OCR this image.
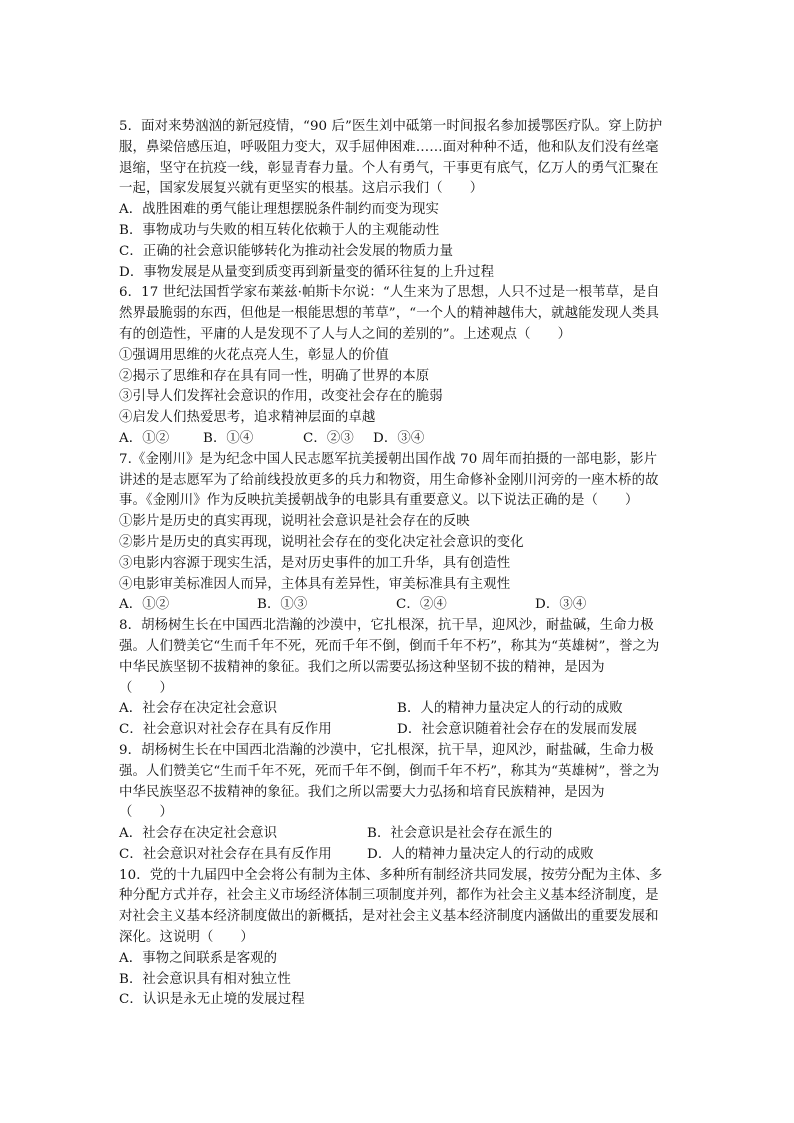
5．面对来势汹汹的新冠疫情，“90 后”医生刘中砥第一时间报名参加援鄂医疗队。穿上防护

服，鼻梁倍感压迫，呼吸阻力变大，双手屈伸困难……面对种种不适，他和队友们没有丝毫

退缩，坚守在抗疫一线，彰显青春力量。个人有勇气，干事更有底气，亿万人的勇气汇聚在

一起，国家发展复兴就有更坚实的根基。这启示我们（　　）

A．战胜困难的勇气能让理想摆脱条件制约而变为现实

B．事物成功与失败的相互转化依赖于人的主观能动性

C．正确的社会意识能够转化为推动社会发展的物质力量

D．事物发展是从量变到质变再到新量变的循环往复的上升过程

6．17 世纪法国哲学家布莱兹·帕斯卡尔说：“人生来为了思想，人只不过是一根苇草，是自

然界最脆弱的东西，但他是一根能思想的苇草”，“一个人的精神越伟大，就越能发现人类具

有的创造性，平庸的人是发现不了人与人之间的差别的”。上述观点（　　）

①强调用思维的火花点亮人生，彰显人的价值

②揭示了思维和存在具有同一性，明确了世界的本原

③引导人们发挥社会意识的作用，改变社会存在的脆弱

④启发人们热爱思考，追求精神层面的卓越

A．①②	B．①④	C．②③	D．③④

7.《金刚川》是为纪念中国人民志愿军抗美援朝出国作战 70 周年而拍摄的一部电影，影片

讲述的是志愿军为了给前线投放更多的兵力和物资，用生命修补金刚川河旁的一座木桥的故

事。《金刚川》作为反映抗美援朝战争的电影具有重要意义。以下说法正确的是（　　）

①影片是历史的真实再现，说明社会意识是社会存在的反映

②影片是历史的真实再现，说明社会存在的变化决定社会意识的变化

③电影内容源于现实生活，是对历史事件的加工升华，具有创造性

④电影审美标准因人而异，主体具有差异性，审美标准具有主观性

A．①②	B．①③	C．②④	D．③④

8．胡杨树生长在中国西北浩瀚的沙漠中，它扎根深，抗干旱，迎风沙，耐盐碱，生命力极

强。人们赞美它“生而千年不死，死而千年不倒，倒而千年不朽”，称其为“英雄树”，誉之为

中华民族坚韧不拔精神的象征。我们之所以需要弘扬这种坚韧不拔的精神，是因为

（　　）

A．社会存在决定社会意识	B．人的精神力量决定人的行动的成败

C．社会意识对社会存在具有反作用	D．社会意识随着社会存在的发展而发展

9．胡杨树生长在中国西北浩瀚的沙漠中，它扎根深，抗干旱，迎风沙，耐盐碱，生命力极

强。人们赞美它“生而千年不死，死而千年不倒，倒而千年不朽”，称其为“英雄树”，誉之为

中华民族坚忍不拔精神的象征。我们之所以需要大力弘扬和培育民族精神，是因为

（　　）

A．社会存在决定社会意识	B．社会意识是社会存在派生的

C．社会意识对社会存在具有反作用	D．人的精神力量决定人的行动的成败

10．党的十九届四中全会将公有制为主体、多种所有制经济共同发展，按劳分配为主体、多

种分配方式并存，社会主义市场经济体制三项制度并列，都作为社会主义基本经济制度，是

对社会主义基本经济制度做出的新概括，是对社会主义基本经济制度内涵做出的重要发展和

深化。这说明（　　）

A．事物之间联系是客观的

B．社会意识具有相对独立性

C．认识是永无止境的发展过程
